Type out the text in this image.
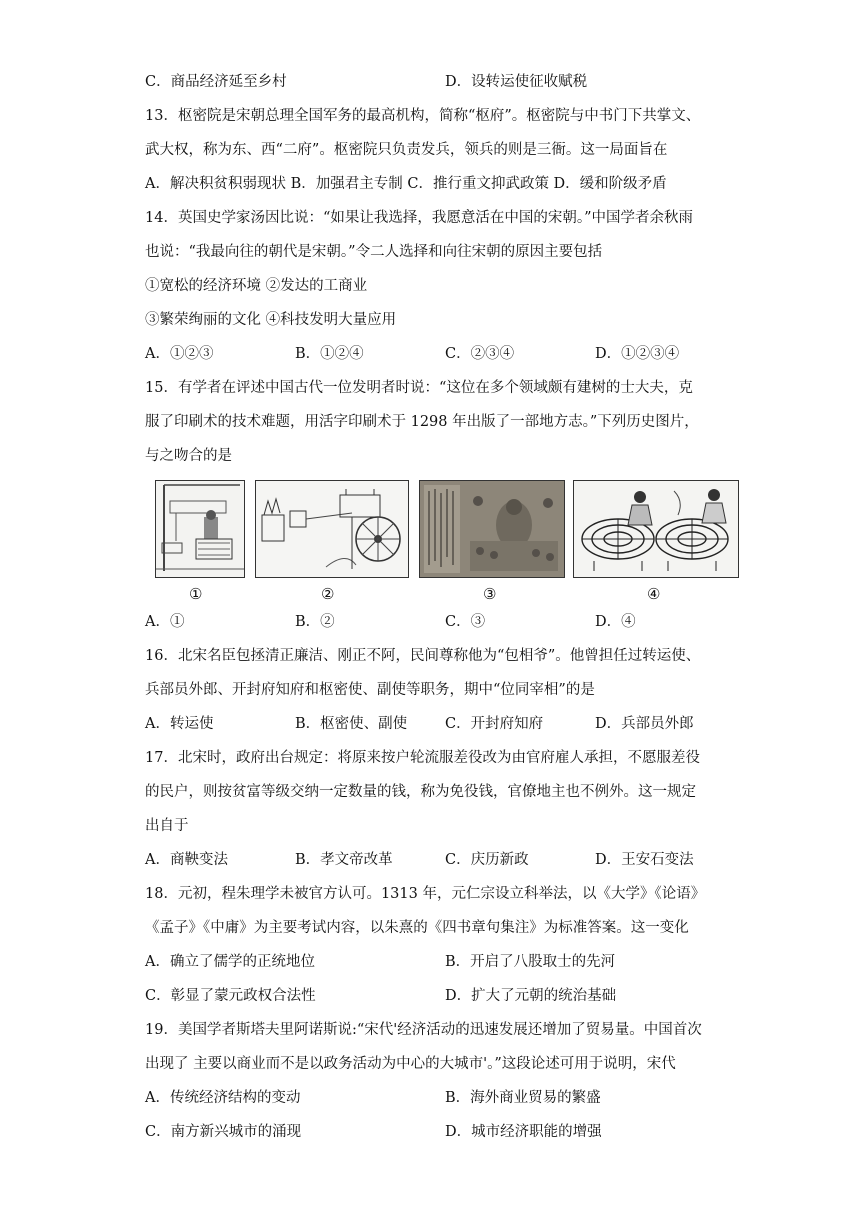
C．商品经济延至乡村	D．设转运使征收赋税
13．枢密院是宋朝总理全国军务的最高机构，简称“枢府”。枢密院与中书门下共掌文、
武大权，称为东、西“二府”。枢密院只负责发兵，领兵的则是三衙。这一局面旨在
A．解决积贫积弱现状 B．加强君主专制 C．推行重文抑武政策 D．缓和阶级矛盾
14．英国史学家汤因比说：“如果让我选择，我愿意活在中国的宋朝。”中国学者余秋雨
也说：“我最向往的朝代是宋朝。”令二人选择和向往宋朝的原因主要包括
①宽松的经济环境 ②发达的工商业
③繁荣绚丽的文化 ④科技发明大量应用
A．①②③	B．①②④	C．②③④	D．①②③④
15．有学者在评述中国古代一位发明者时说：“这位在多个领域颇有建树的士大夫，克
服了印刷术的技术难题，用活字印刷术于 1298 年出版了一部地方志。”下列历史图片，
与之吻合的是
①	②	③	④
A．①	B．②	C．③	D．④
16．北宋名臣包拯清正廉洁、刚正不阿，民间尊称他为“包相爷”。他曾担任过转运使、
兵部员外郎、开封府知府和枢密使、副使等职务，期中“位同宰相”的是
A．转运使	B．枢密使、副使	C．开封府知府	D．兵部员外郎
17．北宋时，政府出台规定：将原来按户轮流服差役改为由官府雇人承担，不愿服差役
的民户，则按贫富等级交纳一定数量的钱，称为免役钱，官僚地主也不例外。这一规定
出自于
A．商鞅变法	B．孝文帝改革	C．庆历新政	D．王安石变法
18．元初，程朱理学未被官方认可。1313 年，元仁宗设立科举法，以《大学》《论语》
《孟子》《中庸》为主要考试内容，以朱熹的《四书章句集注》为标准答案。这一变化
A．确立了儒学的正统地位	B．开启了八股取士的先河
C．彰显了蒙元政权合法性	D．扩大了元朝的统治基础
19．美国学者斯塔夫里阿诺斯说:“宋代'经济活动的迅速发展还增加了贸易量。中国首次
出现了 主要以商业而不是以政务活动为中心的大城市'。”这段论述可用于说明，宋代
A．传统经济结构的变动	B．海外商业贸易的繁盛
C．南方新兴城市的涌现	D．城市经济职能的增强
